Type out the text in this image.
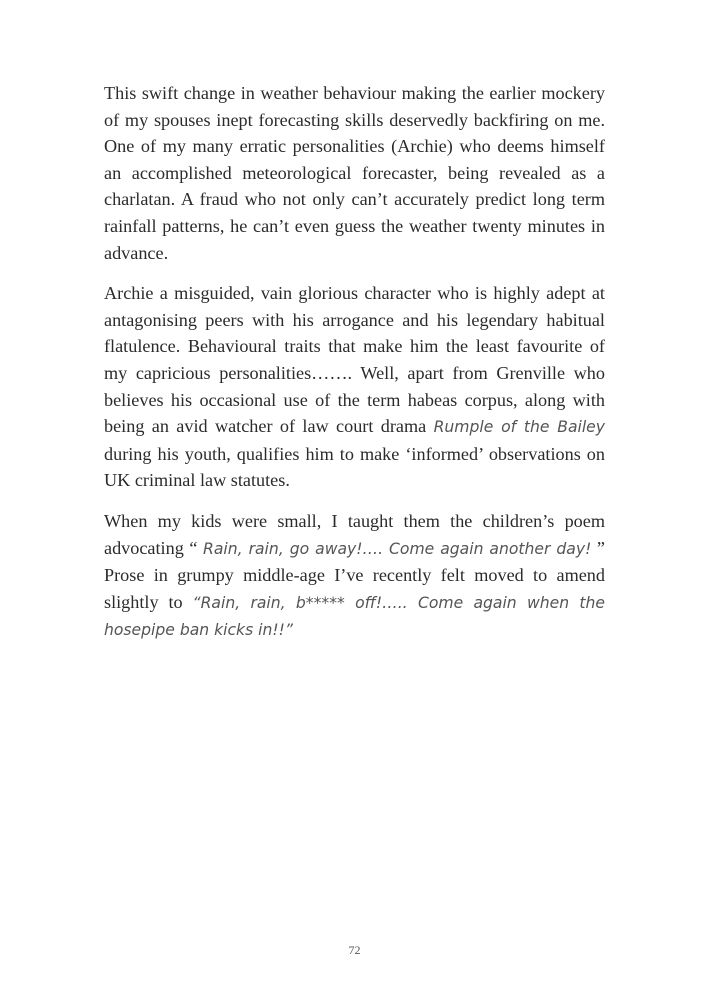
This swift change in weather behaviour making the earlier mockery of my spouses inept forecasting skills deservedly backfiring on me. One of my many erratic personalities (Archie) who deems himself an accomplished meteorological forecaster, being revealed as a charlatan. A fraud who not only can’t accurately predict long term rainfall patterns, he can’t even guess the weather twenty minutes in advance.

Archie a misguided, vain glorious character who is highly adept at antagonising peers with his arrogance and his legendary habitual flatulence. Behavioural traits that make him the least favourite of my capricious personalities……. Well, apart from Grenville who believes his occasional use of the term habeas corpus, along with being an avid watcher of law court drama Rumple of the Bailey during his youth, qualifies him to make ‘informed’ observations on UK criminal law statutes.

When my kids were small, I taught them the children’s poem advocating “ Rain, rain, go away!…. Come again another day! ” Prose in grumpy middle-age I’ve recently felt moved to amend slightly to “Rain, rain, b***** off!….. Come again when the hosepipe ban kicks in!!”

72
